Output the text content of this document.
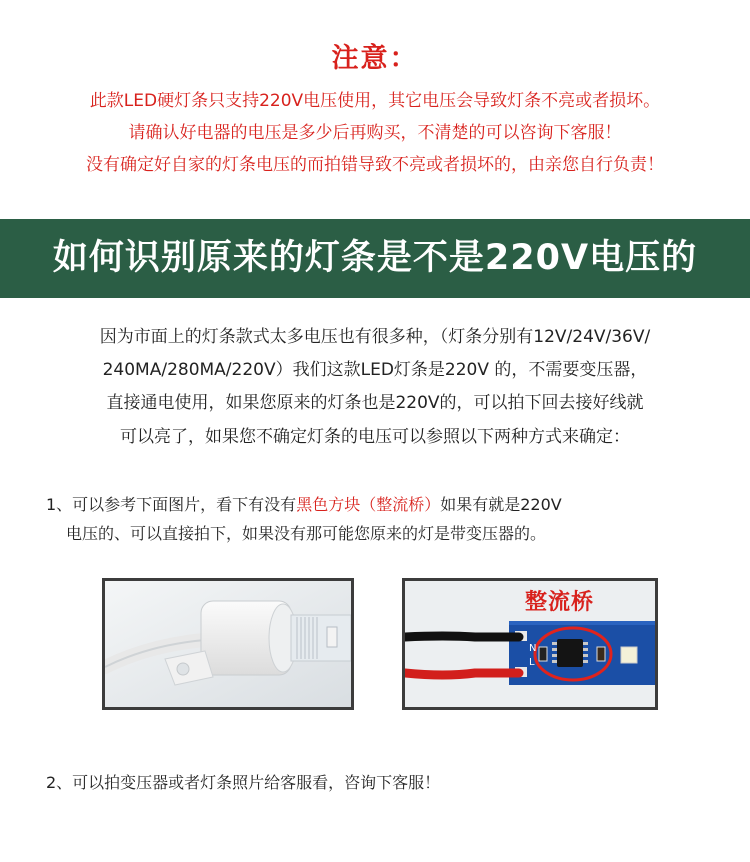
注意：
此款LED硬灯条只支持220V电压使用，其它电压会导致灯条不亮或者损坏。
请确认好电器的电压是多少后再购买，不清楚的可以咨询下客服！
没有确定好自家的灯条电压的而拍错导致不亮或者损坏的，由亲您自行负责！
如何识别原来的灯条是不是220V电压的
因为市面上的灯条款式太多电压也有很多种，（灯条分别有12V/24V/36V/
240MA/280MA/220V）我们这款LED灯条是220V 的，不需要变压器，
直接通电使用，如果您原来的灯条也是220V的，可以拍下回去接好线就
可以亮了，如果您不确定灯条的电压可以参照以下两种方式来确定：
1、可以参考下面图片，看下有没有黑色方块（整流桥）如果有就是220V
电压的、可以直接拍下，如果没有那可能您原来的灯是带变压器的。
N
L
整流桥
2、可以拍变压器或者灯条照片给客服看，咨询下客服！
